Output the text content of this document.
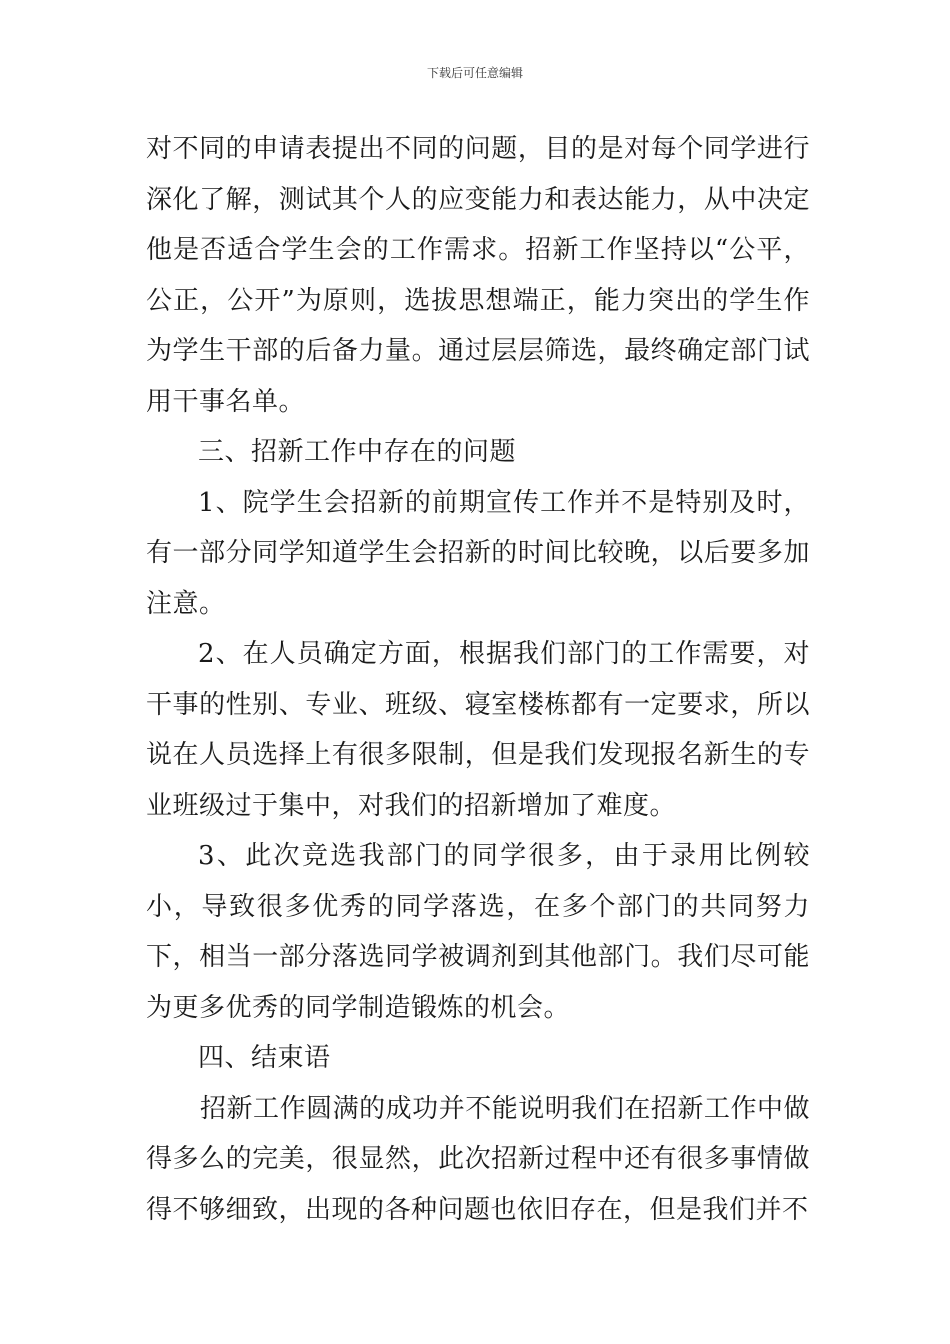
下载后可任意编辑

对不同的申请表提出不同的问题，目的是对每个同学进行深化了解，测试其个人的应变能力和表达能力，从中决定他是否适合学生会的工作需求。招新工作坚持以“公平，公正，公开”为原则，选拔思想端正，能力突出的学生作为学生干部的后备力量。通过层层筛选，最终确定部门试用干事名单。

三、招新工作中存在的问题

1、院学生会招新的前期宣传工作并不是特别及时，有一部分同学知道学生会招新的时间比较晚，以后要多加注意。

2、在人员确定方面，根据我们部门的工作需要，对干事的性别、专业、班级、寝室楼栋都有一定要求，所以说在人员选择上有很多限制，但是我们发现报名新生的专业班级过于集中，对我们的招新增加了难度。

3、此次竞选我部门的同学很多，由于录用比例较小，导致很多优秀的同学落选，在多个部门的共同努力下，相当一部分落选同学被调剂到其他部门。我们尽可能为更多优秀的同学制造锻炼的机会。

四、结束语

招新工作圆满的成功并不能说明我们在招新工作中做得多么的完美，很显然，此次招新过程中还有很多事情做得不够细致，出现的各种问题也依旧存在，但是我们并不
